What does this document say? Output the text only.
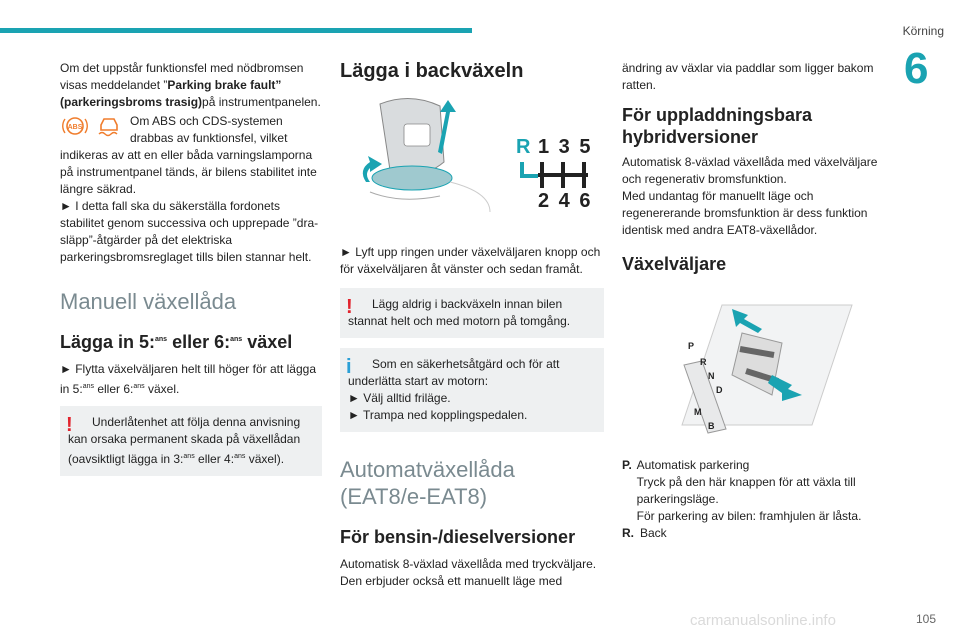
Körning
6

Om det uppstår funktionsfel med nödbromsen visas meddelandet ”Parking brake fault” (parkeringsbroms trasig)på instrumentpanelen.

ABS	Om ABS och CDS-systemen drabbas av funktionsfel, vilket indikeras av att en eller båda varningslamporna på instrumentpanel tänds, är bilens stabilitet inte längre säkrad.

► I detta fall ska du säkerställa fordonets stabilitet genom successiva och upprepade ”dra-släpp”-åtgärder på det elektriska parkeringsbromsreglaget tills bilen stannar helt.

Manuell växellåda
Lägga in 5:$^{ans}$ eller 6:$^{ans}$ växel

► Flytta växelväljaren helt till höger för att lägga in 5:$^{ans}$ eller 6:$^{ans}$ växel.

!	Underlåtenhet att följa denna anvisning kan orsaka permanent skada på växellådan (oavsiktligt lägga in 3:$^{ans}$ eller 4:$^{ans}$ växel).

Lägga i backväxeln
R 1 3 5
2 4 6

► Lyft upp ringen under växelväljaren knopp och för växelväljaren åt vänster och sedan framåt.

!	Lägg aldrig i backväxeln innan bilen stannat helt och med motorn på tomgång.

i	Som en säkerhetsåtgärd och för att underlätta start av motorn:

► Välj alltid friläge.

► Trampa ned kopplingspedalen.

Automatväxellåda (EAT8/e-EAT8)
För bensin-/dieselversioner

Automatisk 8-växlad växellåda med tryckväljare. Den erbjuder också ett manuellt läge med

ändring av växlar via paddlar som ligger bakom ratten.

För uppladdningsbara hybridversioner

Automatisk 8-växlad växellåda med växelväljare och regenerativ bromsfunktion.

Med undantag för manuellt läge och regenererande bromsfunktion är dess funktion identisk med andra EAT8-växellådor.

Växelväljare
P
R
N
D
M
B
P. Automatisk parkering
Tryck på den här knappen för att växla till parkeringsläge.
För parkering av bilen: framhjulen är låsta.
R. Back
carmanualsonline.info	105
